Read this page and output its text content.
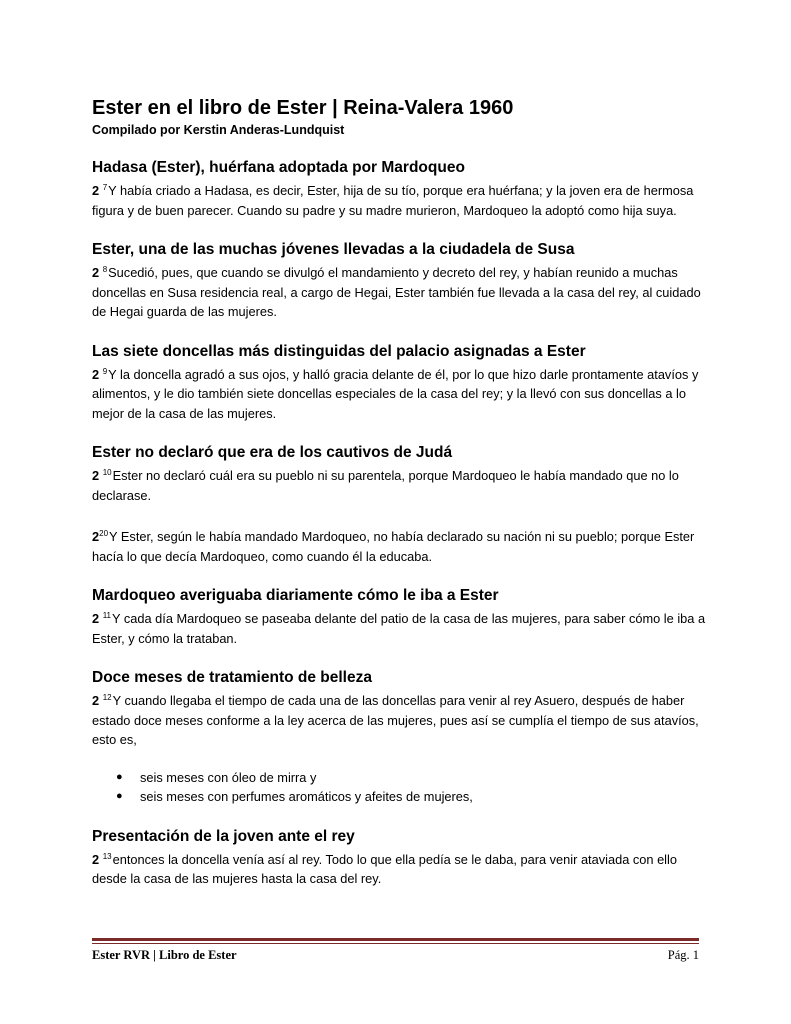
Ester en el libro de Ester | Reina-Valera 1960
Compilado por Kerstin Anderas-Lundquist
Hadasa (Ester), huérfana adoptada por Mardoqueo

2 $^7$Y había criado a Hadasa, es decir, Ester, hija de su tío, porque era huérfana; y la joven era de hermosa figura y de buen parecer. Cuando su padre y su madre murieron, Mardoqueo la adoptó como hija suya.

Ester, una de las muchas jóvenes llevadas a la ciudadela de Susa

2 $^8$Sucedió, pues, que cuando se divulgó el mandamiento y decreto del rey, y habían reunido a muchas doncellas en Susa residencia real, a cargo de Hegai, Ester también fue llevada a la casa del rey, al cuidado de Hegai guarda de las mujeres.

Las siete doncellas más distinguidas del palacio asignadas a Ester

2 $^9$Y la doncella agradó a sus ojos, y halló gracia delante de él, por lo que hizo darle prontamente atavíos y alimentos, y le dio también siete doncellas especiales de la casa del rey; y la llevó con sus doncellas a lo mejor de la casa de las mujeres.

Ester no declaró que era de los cautivos de Judá

2 $^{10}$Ester no declaró cuál era su pueblo ni su parentela, porque Mardoqueo le había mandado que no lo declarase.

$2^{20}Y$ Ester, según le había mandado Mardoqueo, no había declarado su nación ni su pueblo; porque Ester hacía lo que decía Mardoqueo, como cuando él la educaba.

Mardoqueo averiguaba diariamente cómo le iba a Ester

2 $^{11}$Y cada día Mardoqueo se paseaba delante del patio de la casa de las mujeres, para saber cómo le iba a Ester, y cómo la trataban.

Doce meses de tratamiento de belleza

2 $^{12}$Y cuando llegaba el tiempo de cada una de las doncellas para venir al rey Asuero, después de haber estado doce meses conforme a la ley acerca de las mujeres, pues así se cumplía el tiempo de sus atavíos, esto es,

● seis meses con óleo de mirra y
● seis meses con perfumes aromáticos y afeites de mujeres,
Presentación de la joven ante el rey

2 $^{13}$entonces la doncella venía así al rey. Todo lo que ella pedía se le daba, para venir ataviada con ello desde la casa de las mujeres hasta la casa del rey.

Ester RVR | Libro de Ester	Pág. 1
